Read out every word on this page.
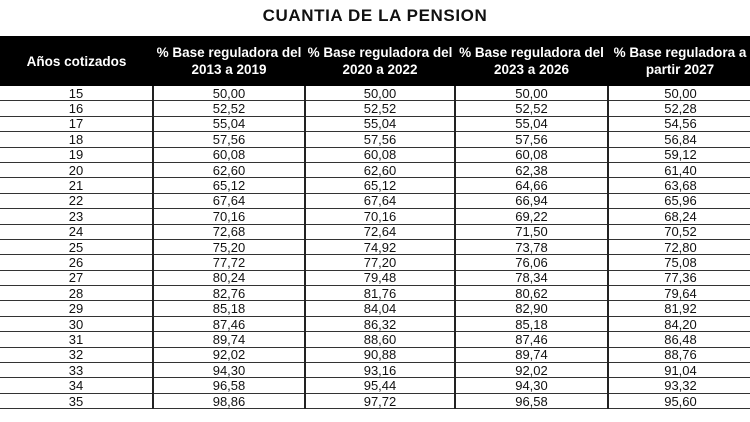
CUANTIA DE LA PENSION
Años cotizados	% Base reguladora del 2013 a 2019	% Base reguladora del 2020 a 2022	% Base reguladora del 2023 a 2026	% Base reguladora a partir 2027
15	50,00	50,00	50,00	50,00
16	52,52	52,52	52,52	52,28
17	55,04	55,04	55,04	54,56
18	57,56	57,56	57,56	56,84
19	60,08	60,08	60,08	59,12
20	62,60	62,60	62,38	61,40
21	65,12	65,12	64,66	63,68
22	67,64	67,64	66,94	65,96
23	70,16	70,16	69,22	68,24
24	72,68	72,64	71,50	70,52
25	75,20	74,92	73,78	72,80
26	77,72	77,20	76,06	75,08
27	80,24	79,48	78,34	77,36
28	82,76	81,76	80,62	79,64
29	85,18	84,04	82,90	81,92
30	87,46	86,32	85,18	84,20
31	89,74	88,60	87,46	86,48
32	92,02	90,88	89,74	88,76
33	94,30	93,16	92,02	91,04
34	96,58	95,44	94,30	93,32
35	98,86	97,72	96,58	95,60
